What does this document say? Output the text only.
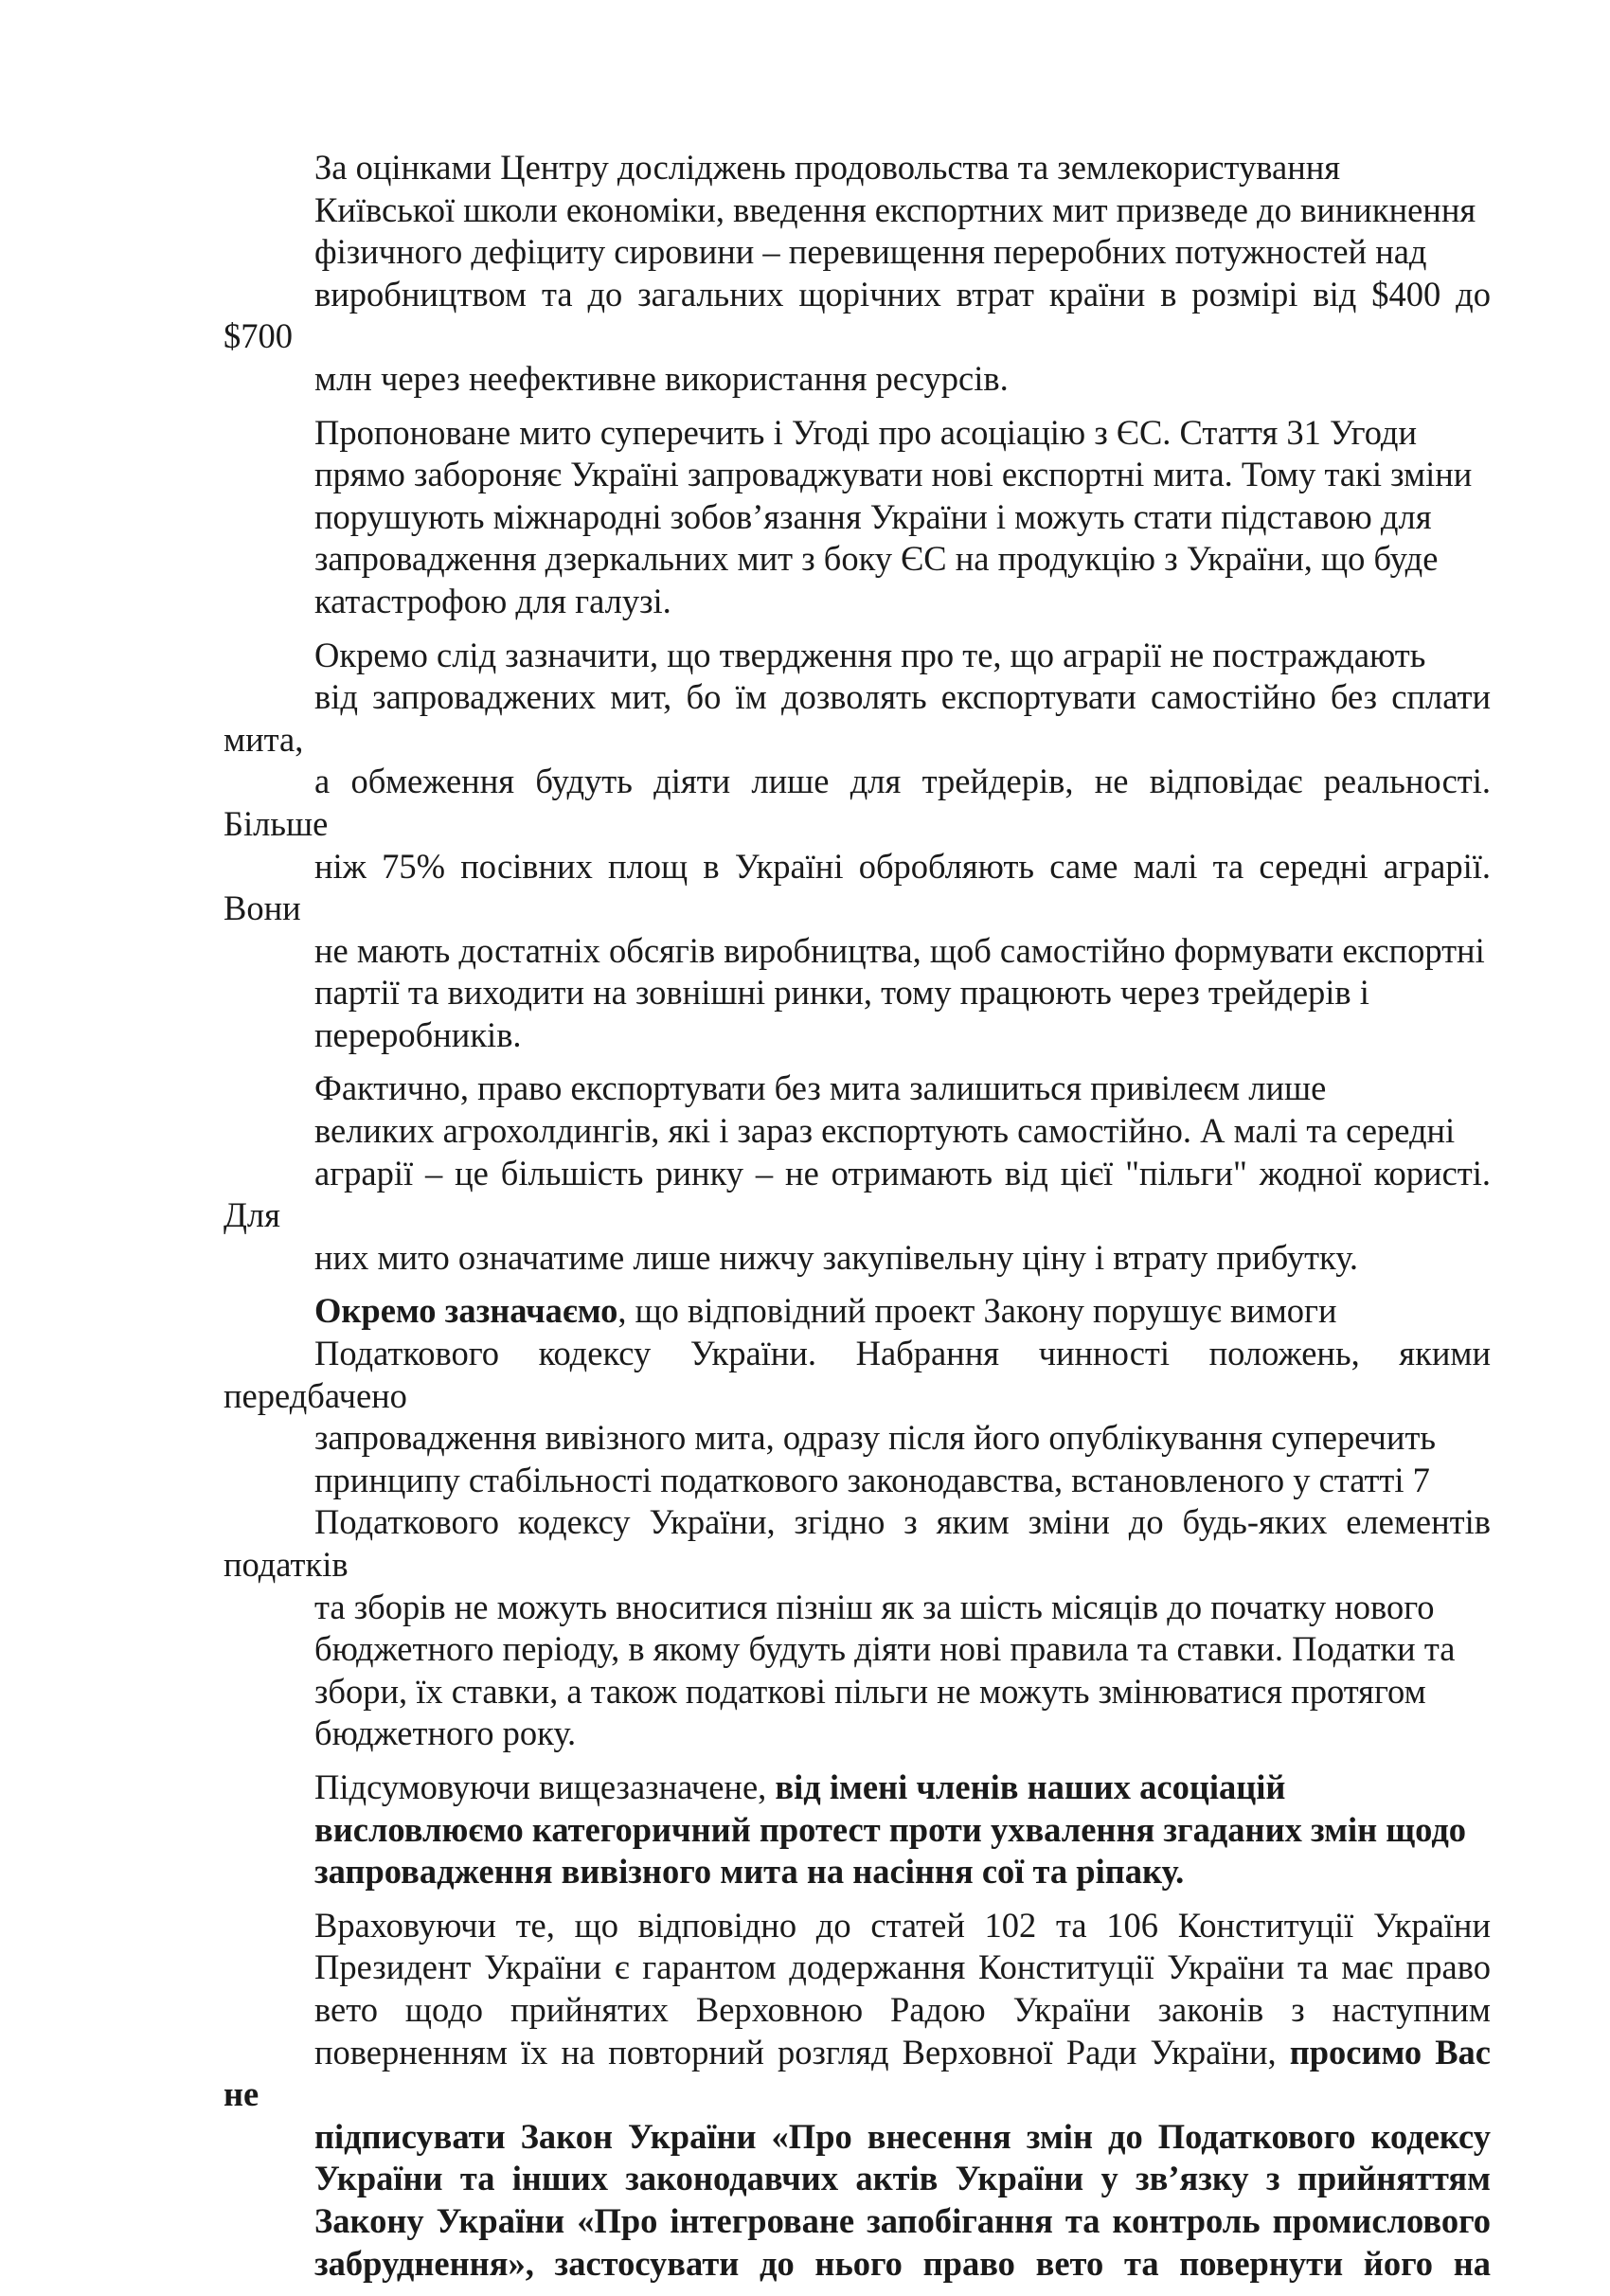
За оцінками Центру досліджень продовольства та землекористування
Київської школи економіки, введення експортних мит призведе до виникнення
фізичного дефіциту сировини – перевищення переробних потужностей над
виробництвом та до загальних щорічних втрат країни в розмірі від $400 до $700
млн через неефективне використання ресурсів.

Пропоноване мито суперечить і Угоді про асоціацію з ЄС. Стаття 31 Угоди
прямо забороняє Україні запроваджувати нові експортні мита. Тому такі зміни
порушують міжнародні зобов’язання України і можуть стати підставою для
запровадження дзеркальних мит з боку ЄС на продукцію з України, що буде
катастрофою для галузі.

Окремо слід зазначити, що твердження про те, що аграрії не постраждають
від запроваджених мит, бо їм дозволять експортувати самостійно без сплати мита,
а обмеження будуть діяти лише для трейдерів, не відповідає реальності. Більше
ніж 75% посівних площ в Україні обробляють саме малі та середні аграрії. Вони
не мають достатніх обсягів виробництва, щоб самостійно формувати експортні
партії та виходити на зовнішні ринки, тому працюють через трейдерів і
переробників.

Фактично, право експортувати без мита залишиться привілеєм лише
великих агрохолдингів, які і зараз експортують самостійно. А малі та середні
аграрії – це більшість ринку – не отримають від цієї "пільги" жодної користі. Для
них мито означатиме лише нижчу закупівельну ціну і втрату прибутку.

Окремо зазначаємо, що відповідний проект Закону порушує вимоги
Податкового кодексу України. Набрання чинності положень, якими передбачено
запровадження вивізного мита, одразу після його опублікування суперечить
принципу стабільності податкового законодавства, встановленого у статті 7
Податкового кодексу України, згідно з яким зміни до будь-яких елементів податків
та зборів не можуть вноситися пізніш як за шість місяців до початку нового
бюджетного періоду, в якому будуть діяти нові правила та ставки. Податки та
збори, їх ставки, а також податкові пільги не можуть змінюватися протягом
бюджетного року.

Підсумовуючи вищезазначене, від імені членів наших асоціацій
висловлюємо категоричний протест проти ухвалення згаданих змін щодо
запровадження вивізного мита на насіння сої та ріпаку.

Враховуючи те, що відповідно до статей 102 та 106 Конституції України
Президент України є гарантом додержання Конституції України та має право
вето щодо прийнятих Верховною Радою України законів з наступним
поверненням їх на повторний розгляд Верховної Ради України, просимо Вас не
підписувати Закон України «Про внесення змін до Податкового кодексу
України та інших законодавчих актів України у зв’язку з прийняттям
Закону України «Про інтегроване запобігання та контроль промислового
забруднення», застосувати до нього право вето та повернути його на
